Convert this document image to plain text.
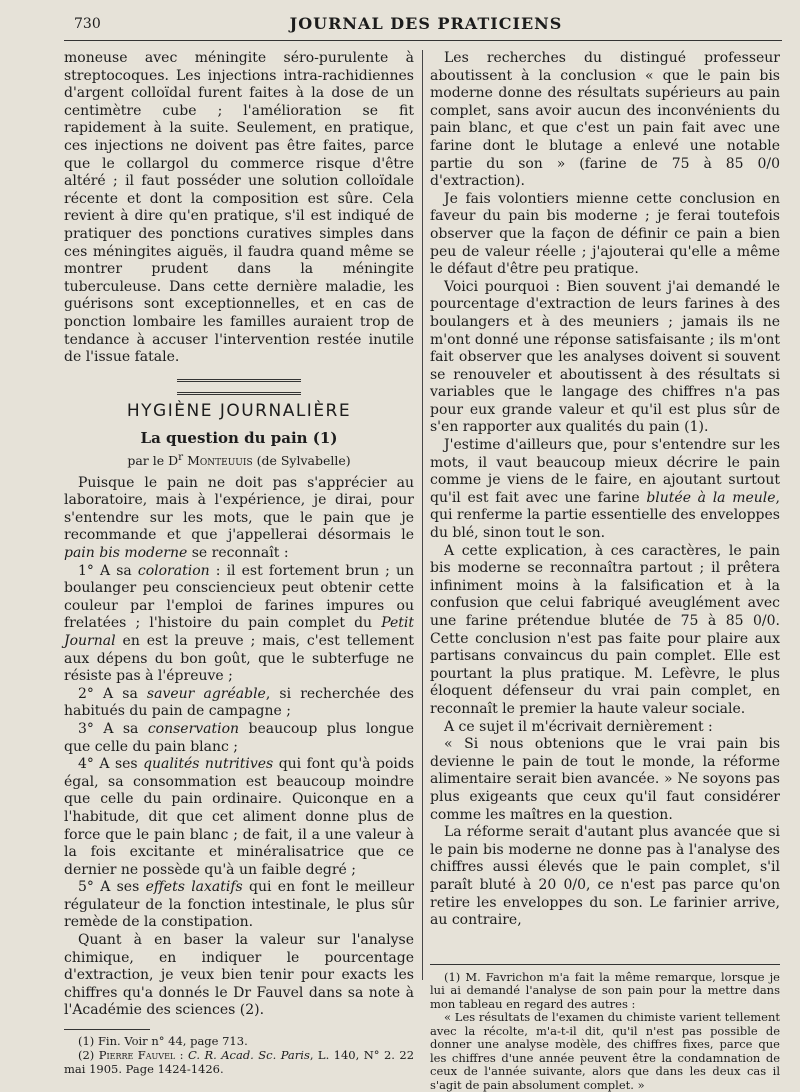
730	JOURNAL DES PRATICIENS

moneuse avec méningite séro-purulente à streptocoques. Les injections intra-rachidiennes d'argent colloïdal furent faites à la dose de un centimètre cube ; l'amélioration se fit rapidement à la suite. Seulement, en pratique, ces injections ne doivent pas être faites, parce que le collargol du commerce risque d'être altéré ; il faut posséder une solution colloïdale récente et dont la composition est sûre. Cela revient à dire qu'en pratique, s'il est indiqué de pratiquer des ponctions curatives simples dans ces méningites aiguës, il faudra quand même se montrer prudent dans la méningite tuberculeuse. Dans cette dernière maladie, les guérisons sont exceptionnelles, et en cas de ponction lombaire les familles auraient trop de tendance à accuser l'intervention restée inutile de l'issue fatale.

HYGIÈNE JOURNALIÈRE
La question du pain (1)
par le $D^r$ Monteuuis (de Sylvabelle)

Puisque le pain ne doit pas s'apprécier au laboratoire, mais à l'expérience, je dirai, pour s'entendre sur les mots, que le pain que je recommande et que j'appellerai désormais le pain bis moderne se reconnaît :

1° A sa coloration : il est fortement brun ; un boulanger peu consciencieux peut obtenir cette couleur par l'emploi de farines impures ou frelatées ; l'histoire du pain complet du Petit Journal en est la preuve ; mais, c'est tellement aux dépens du bon goût, que le subterfuge ne résiste pas à l'épreuve ;

2° A sa saveur agréable, si recherchée des habitués du pain de campagne ;

3° A sa conservation beaucoup plus longue que celle du pain blanc ;

4° A ses qualités nutritives qui font qu'à poids égal, sa consommation est beaucoup moindre que celle du pain ordinaire. Quiconque en a l'habitude, dit que cet aliment donne plus de force que le pain blanc ; de fait, il a une valeur à la fois excitante et minéralisatrice que ce dernier ne possède qu'à un faible degré ;

5° A ses effets laxatifs qui en font le meilleur régulateur de la fonction intestinale, le plus sûr remède de la constipation.

Quant à en baser la valeur sur l'analyse chimique, en indiquer le pourcentage d'extraction, je veux bien tenir pour exacts les chiffres qu'a donnés le Dr Fauvel dans sa note à l'Académie des sciences (2).

(1) Fin. Voir n° 44, page 713.

(2) Pierre Fauvel : C. R. Acad. Sc. Paris, L. 140, N° 2. 22 mai 1905. Page 1424-1426.

Les recherches du distingué professeur aboutissent à la conclusion « que le pain bis moderne donne des résultats supérieurs au pain complet, sans avoir aucun des inconvénients du pain blanc, et que c'est un pain fait avec une farine dont le blutage a enlevé une notable partie du son » (farine de 75 à 85 0/0 d'extraction).

Je fais volontiers mienne cette conclusion en faveur du pain bis moderne ; je ferai toutefois observer que la façon de définir ce pain a bien peu de valeur réelle ; j'ajouterai qu'elle a même le défaut d'être peu pratique.

Voici pourquoi : Bien souvent j'ai demandé le pourcentage d'extraction de leurs farines à des boulangers et à des meuniers ; jamais ils ne m'ont donné une réponse satisfaisante ; ils m'ont fait observer que les analyses doivent si souvent se renouveler et aboutissent à des résultats si variables que le langage des chiffres n'a pas pour eux grande valeur et qu'il est plus sûr de s'en rapporter aux qualités du pain (1).

J'estime d'ailleurs que, pour s'entendre sur les mots, il vaut beaucoup mieux décrire le pain comme je viens de le faire, en ajoutant surtout qu'il est fait avec une farine blutée à la meule, qui renferme la partie essentielle des enveloppes du blé, sinon tout le son.

A cette explication, à ces caractères, le pain bis moderne se reconnaîtra partout ; il prêtera infiniment moins à la falsification et à la confusion que celui fabriqué aveuglément avec une farine prétendue blutée de 75 à 85 0/0. Cette conclusion n'est pas faite pour plaire aux partisans convaincus du pain complet. Elle est pourtant la plus pratique. M. Lefèvre, le plus éloquent défenseur du vrai pain complet, en reconnaît le premier la haute valeur sociale.

A ce sujet il m'écrivait dernièrement :

« Si nous obtenions que le vrai pain bis devienne le pain de tout le monde, la réforme alimentaire serait bien avancée. » Ne soyons pas plus exigeants que ceux qu'il faut considérer comme les maîtres en la question.

La réforme serait d'autant plus avancée que si le pain bis moderne ne donne pas à l'analyse des chiffres aussi élevés que le pain complet, s'il paraît bluté à 20 0/0, ce n'est pas parce qu'on retire les enveloppes du son. Le farinier arrive, au contraire,

(1) M. Favrichon m'a fait la même remarque, lorsque je lui ai demandé l'analyse de son pain pour la mettre dans mon tableau en regard des autres :

« Les résultats de l'examen du chimiste varient tellement avec la récolte, m'a-t-il dit, qu'il n'est pas possible de donner une analyse modèle, des chiffres fixes, parce que les chiffres d'une année peuvent être la condamnation de ceux de l'année suivante, alors que dans les deux cas il s'agit de pain absolument complet. »
